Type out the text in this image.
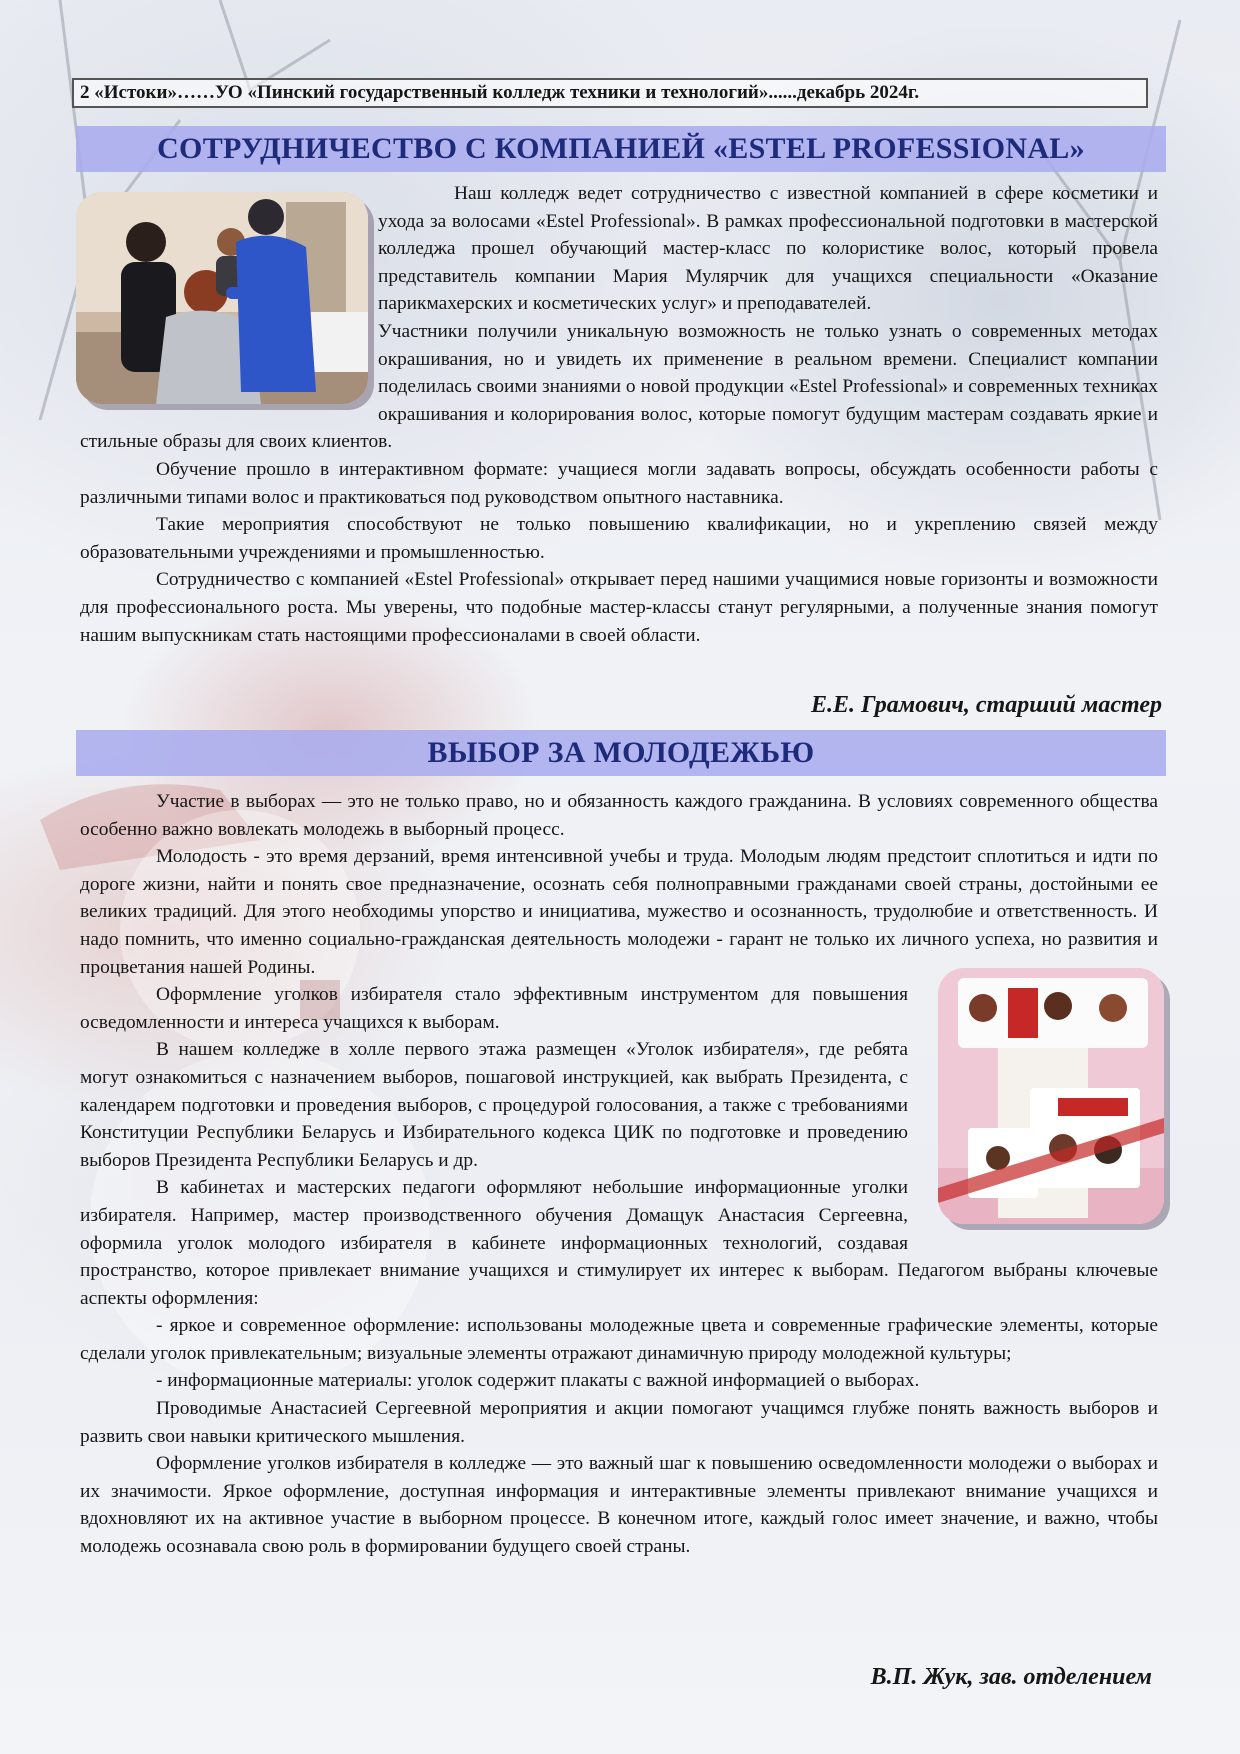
2 «Истоки»……УО «Пинский государственный колледж техники и технологий»......декабрь 2024г.
СОТРУДНИЧЕСТВО С КОМПАНИЕЙ «ESTEL PROFESSIONAL»

Наш колледж ведет сотрудничество с известной компанией в сфере косметики и ухода за волосами «Estel Professional». В рамках профессиональной подготовки в мастерской колледжа прошел обучающий мастер-класс по колористике волос, который провела представитель компании Мария Мулярчик для учащихся специальности «Оказание парикмахерских и косметических услуг» и преподавателей.

Участники получили уникальную возможность не только узнать о современных методах окрашивания, но и увидеть их применение в реальном времени. Специалист компании поделилась своими знаниями о новой продукции «Estel Professional» и современных техниках окрашивания и колорирования волос, которые помогут будущим мастерам создавать яркие и стильные образы для своих клиентов.

Обучение прошло в интерактивном формате: учащиеся могли задавать вопросы, обсуждать особенности работы с различными типами волос и практиковаться под руководством опытного наставника.

Такие мероприятия способствуют не только повышению квалификации, но и укреплению связей между образовательными учреждениями и промышленностью.

Сотрудничество с компанией «Estel Professional» открывает перед нашими учащимися новые горизонты и возможности для профессионального роста. Мы уверены, что подобные мастер-классы станут регулярными, а полученные знания помогут нашим выпускникам стать настоящими профессионалами в своей области.

Е.Е. Грамович, старший мастер
ВЫБОР ЗА МОЛОДЕЖЬЮ

Участие в выборах — это не только право, но и обязанность каждого гражданина. В условиях современного общества особенно важно вовлекать молодежь в выборный процесс.

Молодость - это время дерзаний, время интенсивной учебы и труда. Молодым людям предстоит сплотиться и идти по дороге жизни, найти и понять свое предназначение, осознать себя полноправными гражданами своей страны, достойными ее великих традиций. Для этого необходимы упорство и инициатива, мужество и осознанность, трудолюбие и ответственность. И надо помнить, что именно социально-гражданская деятельность молодежи - гарант не только их личного успеха, но развития и процветания нашей Родины.

Оформление уголков избирателя стало эффективным инструментом для повышения осведомленности и интереса учащихся к выборам.

В нашем колледже в холле первого этажа размещен «Уголок избирателя», где ребята могут ознакомиться с назначением выборов, пошаговой инструкцией, как выбрать Президента, с календарем подготовки и проведения выборов, с процедурой голосования, а также с требованиями Конституции Республики Беларусь и Избирательного кодекса ЦИК по подготовке и проведению выборов Президента Республики Беларусь и др.

В кабинетах и мастерских педагоги оформляют небольшие информационные уголки избирателя. Например, мастер производственного обучения Домащук Анастасия Сергеевна, оформила уголок молодого избирателя в кабинете информационных технологий, создавая пространство, которое привлекает внимание учащихся и стимулирует их интерес к выборам. Педагогом выбраны ключевые аспекты оформления:

- яркое и современное оформление: использованы молодежные цвета и современные графические элементы, которые сделали уголок привлекательным; визуальные элементы отражают динамичную природу молодежной культуры;

- информационные материалы: уголок содержит плакаты с важной информацией о выборах.

Проводимые Анастасией Сергеевной мероприятия и акции помогают учащимся глубже понять важность выборов и развить свои навыки критического мышления.

Оформление уголков избирателя в колледже — это важный шаг к повышению осведомленности молодежи о выборах и их значимости. Яркое оформление, доступная информация и интерактивные элементы привлекают внимание учащихся и вдохновляют их на активное участие в выборном процессе. В конечном итоге, каждый голос имеет значение, и важно, чтобы молодежь осознавала свою роль в формировании будущего своей страны.

В.П. Жук, зав. отделением
